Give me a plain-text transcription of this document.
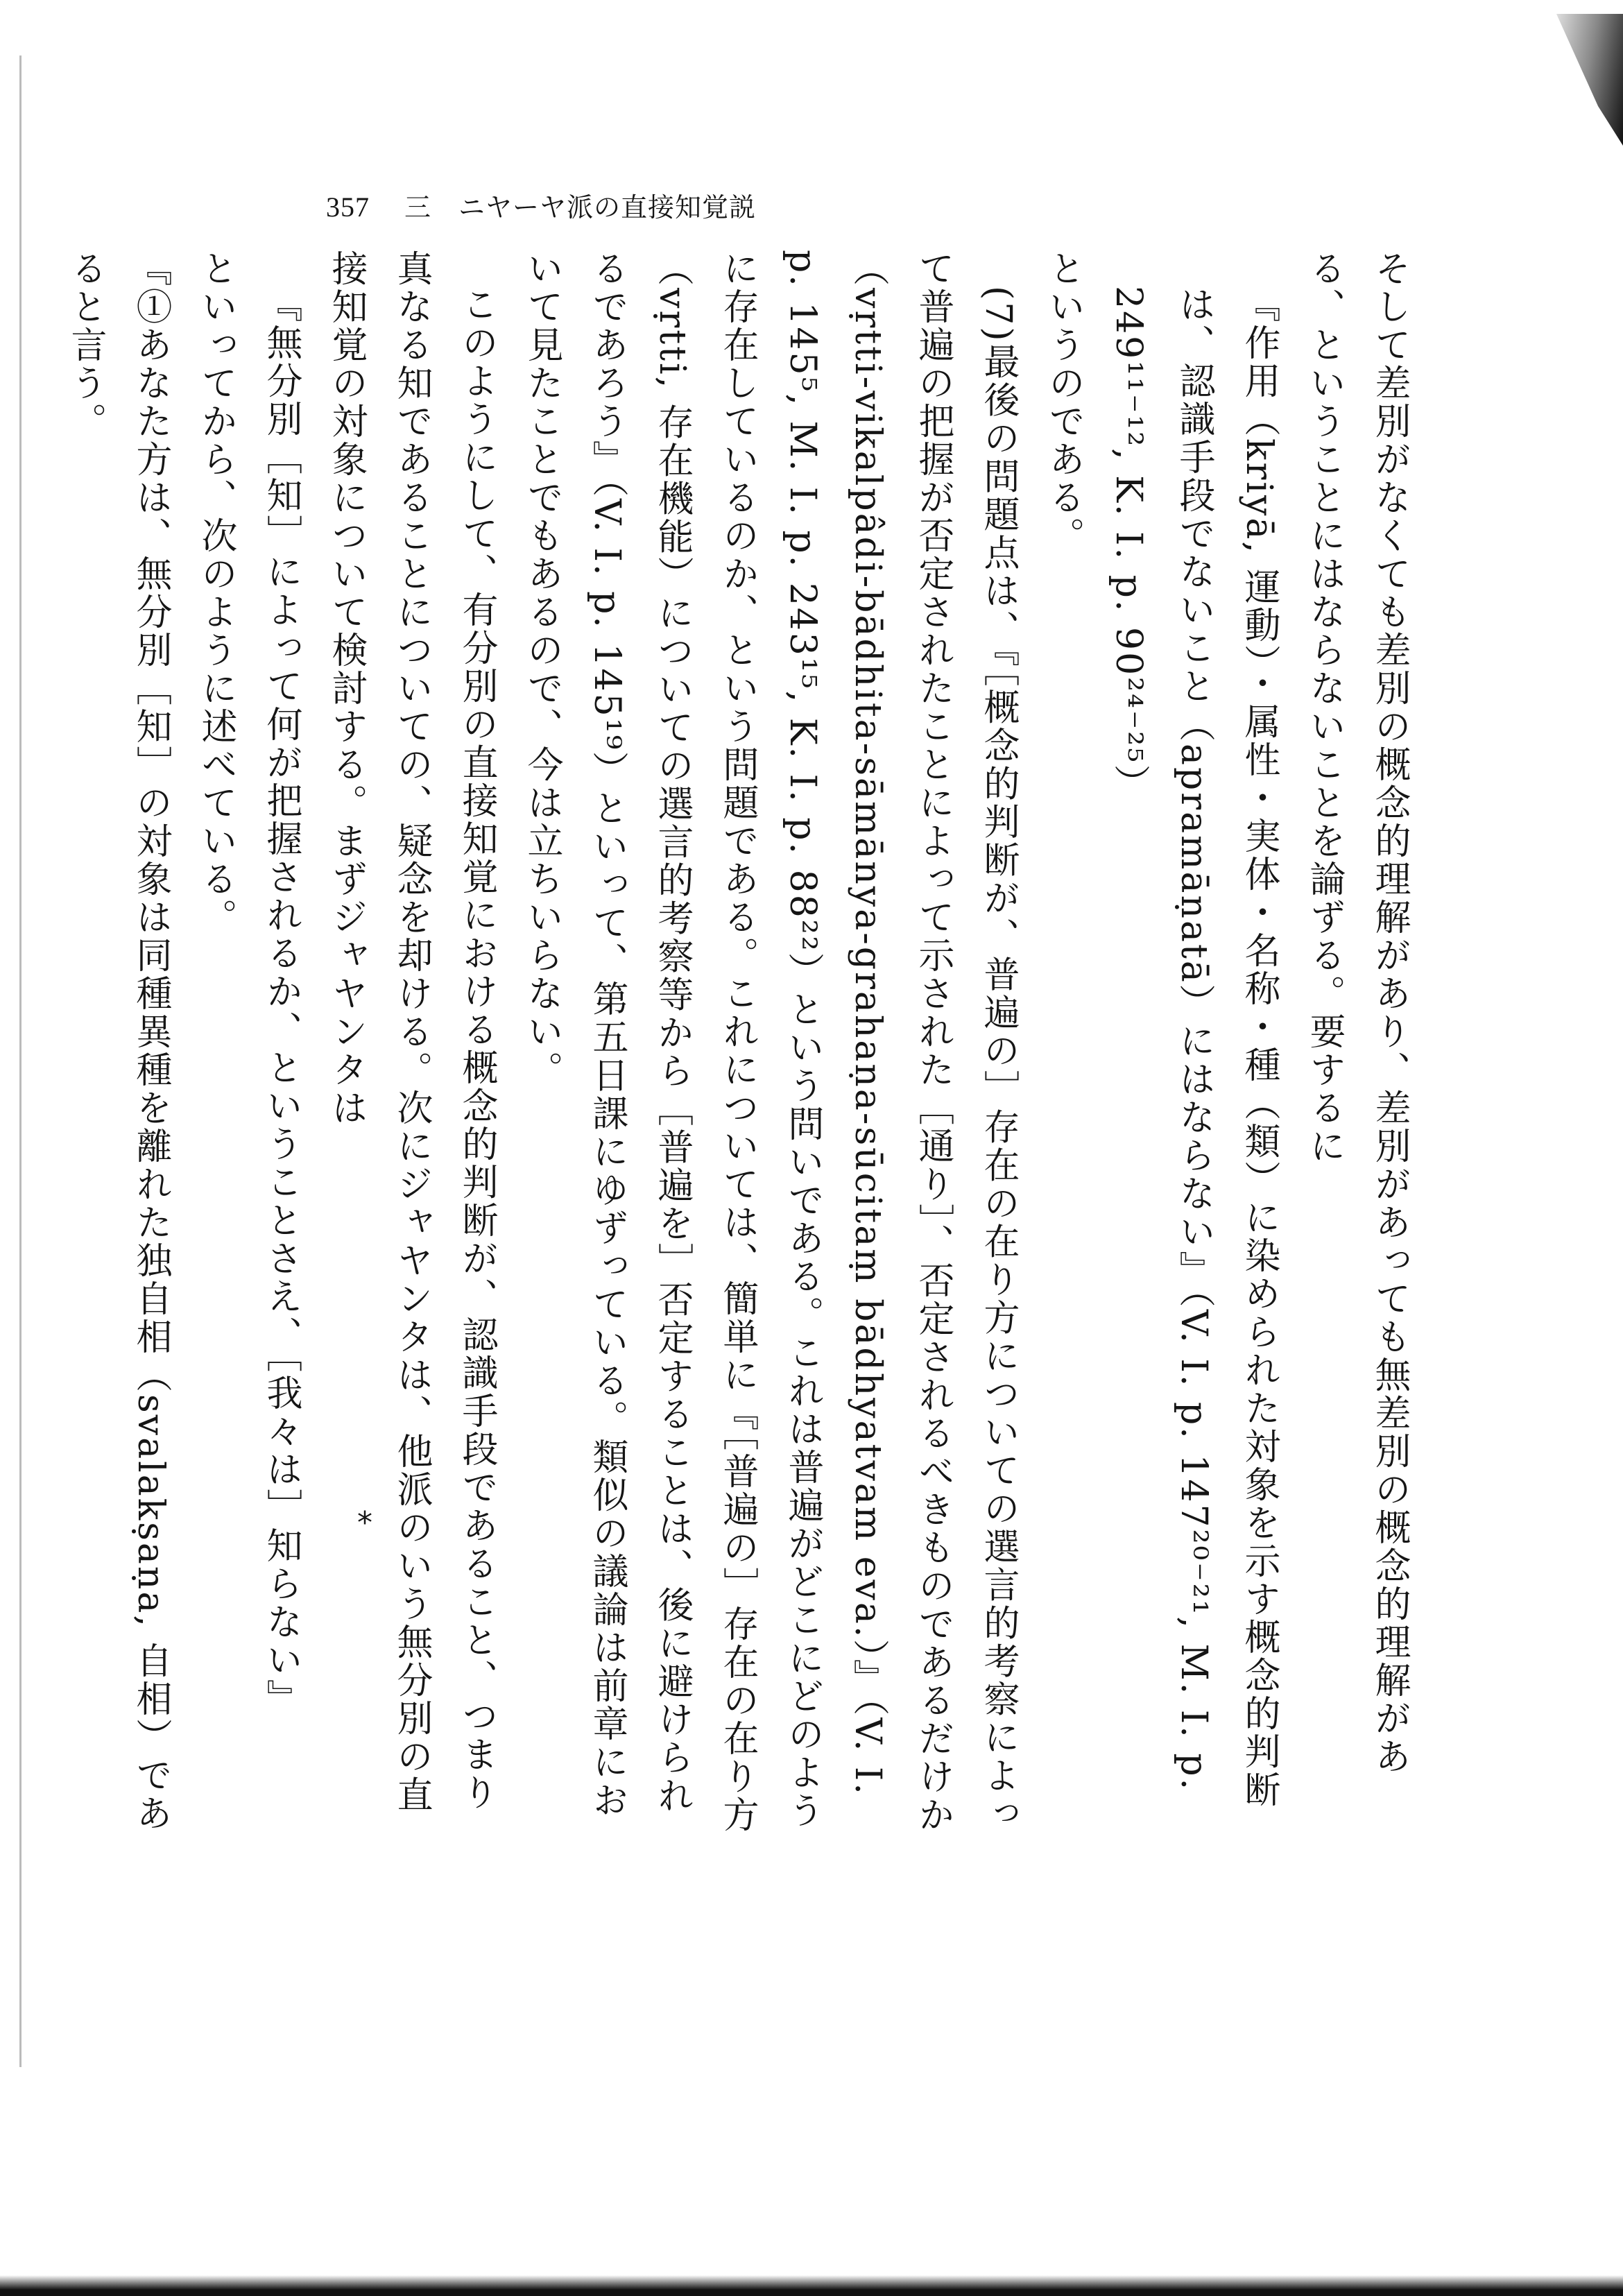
357 三　ニヤーヤ派の直接知覚説

そして差別がなくても差別の概念的理解があり、差別があっても無差別の概念的理解がある、ということにはならないことを論ずる。要するに

『作用（kriyā, 運動）・属性・実体・名称・種（類）に染められた対象を示す概念的判断は、認識手段でないこと（apramāṇatā）にはならない』（V. I. p. 147²⁰⁻²¹, M. I. p. 249¹¹⁻¹², K. I. p. 90²⁴⁻²⁵）

というのである。

(7)最後の問題点は、『［概念的判断が、普遍の］存在の在り方についての選言的考察によって普遍の把握が否定されたことによって示された［通り］、否定されるべきものであるだけか（vṛtti-vikalpâdi-bādhita-sāmānya-grahaṇa-sūcitaṃ bādhyatvam eva.）』（V. I. p. 145⁵, M. I. p. 243¹⁵, K. I. p. 88²²）という問いである。これは普遍がどこにどのように存在しているのか、という問題である。これについては、簡単に『［普遍の］存在の在り方（vṛtti, 存在機能）についての選言的考察等から［普遍を］否定することは、後に避けられるであろう』（V. I. p. 145¹⁹）といって、第五日課にゆずっている。類似の議論は前章において見たことでもあるので、今は立ちいらない。

このようにして、有分別の直接知覚における概念的判断が、認識手段であること、つまり真なる知であることについての、疑念を却ける。次にジャヤンタは、他派のいう無分別の直接知覚の対象について検討する。まずジャヤンタは

『無分別［知］によって何が把握されるか、ということさえ、［我々は］知らない』

といってから、次のように述べている。

『①あなた方は、無分別［知］の対象は同種異種を離れた独自相（svalakṣaṇa, 自相）であると言う。

*
